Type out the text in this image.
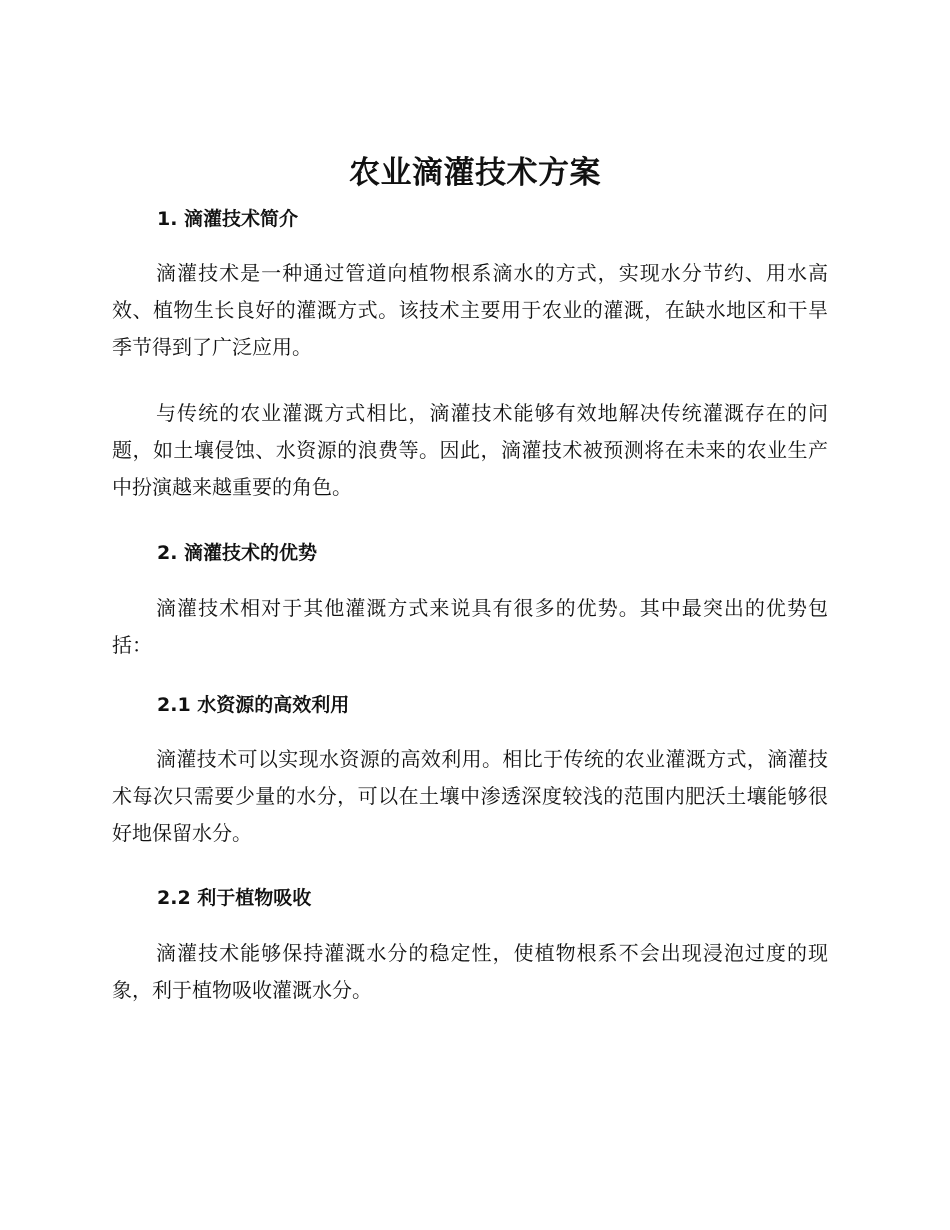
农业滴灌技术方案
1. 滴灌技术简介

滴灌技术是一种通过管道向植物根系滴水的方式，实现水分节约、用水高效、植物生长良好的灌溉方式。该技术主要用于农业的灌溉，在缺水地区和干旱季节得到了广泛应用。

与传统的农业灌溉方式相比，滴灌技术能够有效地解决传统灌溉存在的问题，如土壤侵蚀、水资源的浪费等。因此，滴灌技术被预测将在未来的农业生产中扮演越来越重要的角色。

2. 滴灌技术的优势

滴灌技术相对于其他灌溉方式来说具有很多的优势。其中最突出的优势包括：

2.1 水资源的高效利用

滴灌技术可以实现水资源的高效利用。相比于传统的农业灌溉方式，滴灌技术每次只需要少量的水分，可以在土壤中渗透深度较浅的范围内肥沃土壤能够很好地保留水分。

2.2 利于植物吸收

滴灌技术能够保持灌溉水分的稳定性，使植物根系不会出现浸泡过度的现象，利于植物吸收灌溉水分。
